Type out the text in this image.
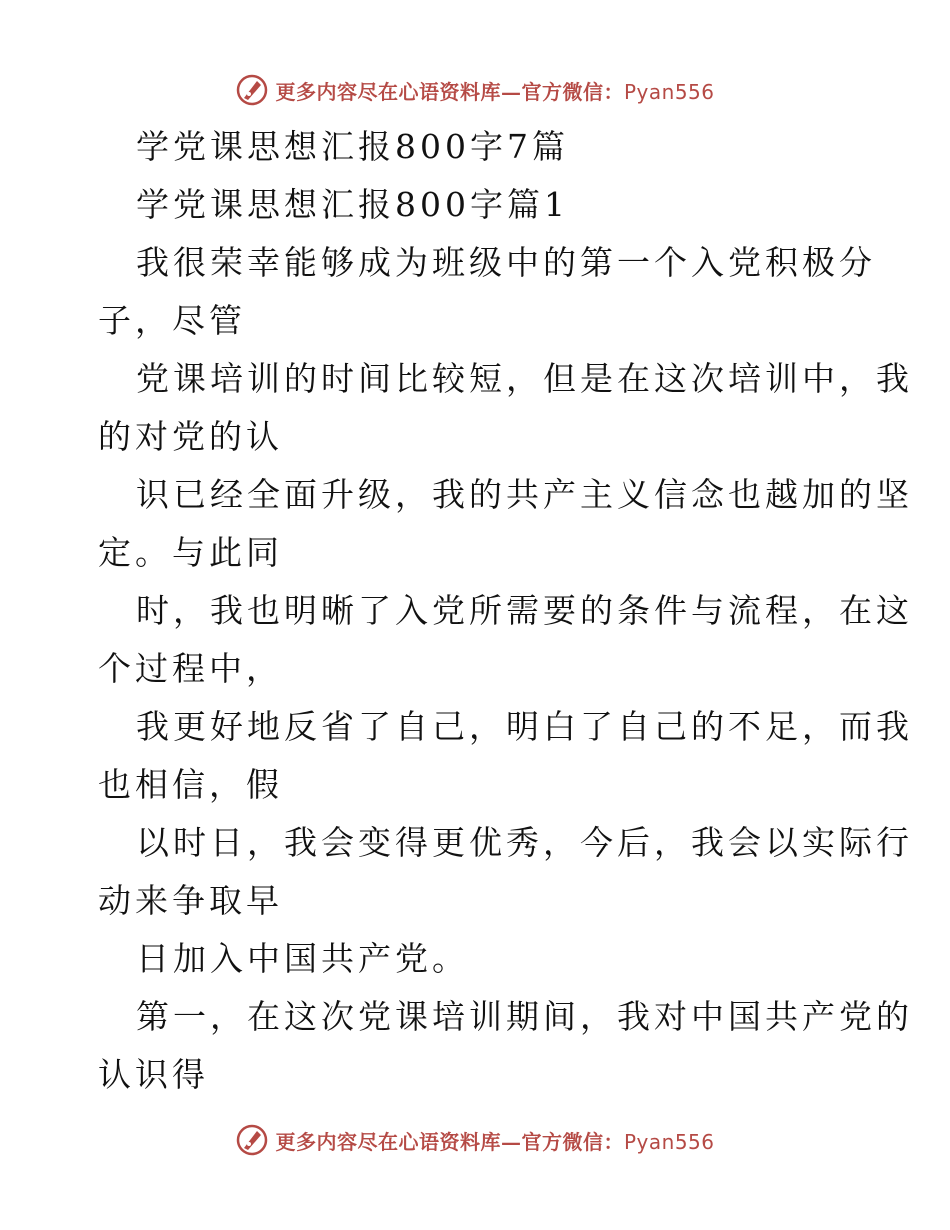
更多内容尽在心语资料库—官方微信：Pyan556
学党课思想汇报800字7篇
学党课思想汇报800字篇1
我很荣幸能够成为班级中的第一个入党积极分
子，尽管
党课培训的时间比较短，但是在这次培训中，我
的对党的认
识已经全面升级，我的共产主义信念也越加的坚
定。与此同
时，我也明晰了入党所需要的条件与流程，在这
个过程中，
我更好地反省了自己，明白了自己的不足，而我
也相信，假
以时日，我会变得更优秀，今后，我会以实际行
动来争取早
日加入中国共产党。
第一，在这次党课培训期间，我对中国共产党的
认识得
更多内容尽在心语资料库—官方微信：Pyan556
